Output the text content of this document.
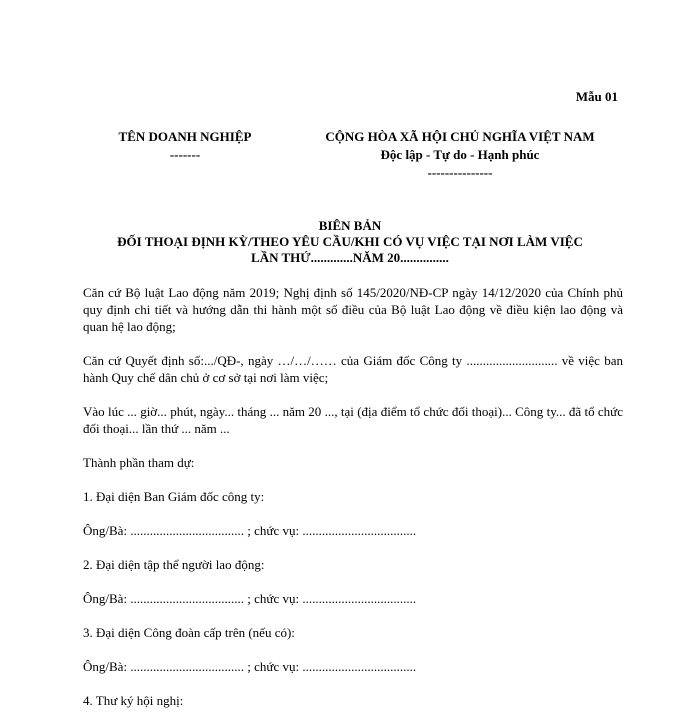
Mẫu 01
TÊN DOANH NGHIỆP
-------
CỘNG HÒA XÃ HỘI CHỦ NGHĨA VIỆT NAM
Độc lập - Tự do - Hạnh phúc
---------------
BIÊN BẢN
ĐỐI THOẠI ĐỊNH KỲ/THEO YÊU CẦU/KHI CÓ VỤ VIỆC TẠI NƠI LÀM VIỆC
LẦN THỨ.............NĂM 20...............

Căn cứ Bộ luật Lao động năm 2019; Nghị định số 145/2020/NĐ-CP ngày 14/12/2020 của Chính phủ quy định chi tiết và hướng dẫn thi hành một số điều của Bộ luật Lao động về điều kiện lao động và quan hệ lao động;

Căn cứ Quyết định số:.../QĐ-, ngày …/…/…… của Giám đốc Công ty ............................ về việc ban hành Quy chế dân chủ ở cơ sở tại nơi làm việc;

Vào lúc ... giờ... phút, ngày... tháng ... năm 20 ..., tại (địa điểm tổ chức đối thoại)... Công ty... đã tổ chức đối thoại... lần thứ ... năm ...

Thành phần tham dự:

1. Đại diện Ban Giám đốc công ty:

Ông/Bà: ................................... ; chức vụ: ...................................

2. Đại diện tập thể người lao động:

Ông/Bà: ................................... ; chức vụ: ...................................

3. Đại diện Công đoàn cấp trên (nếu có):

Ông/Bà: ................................... ; chức vụ: ...................................

4. Thư ký hội nghị:
